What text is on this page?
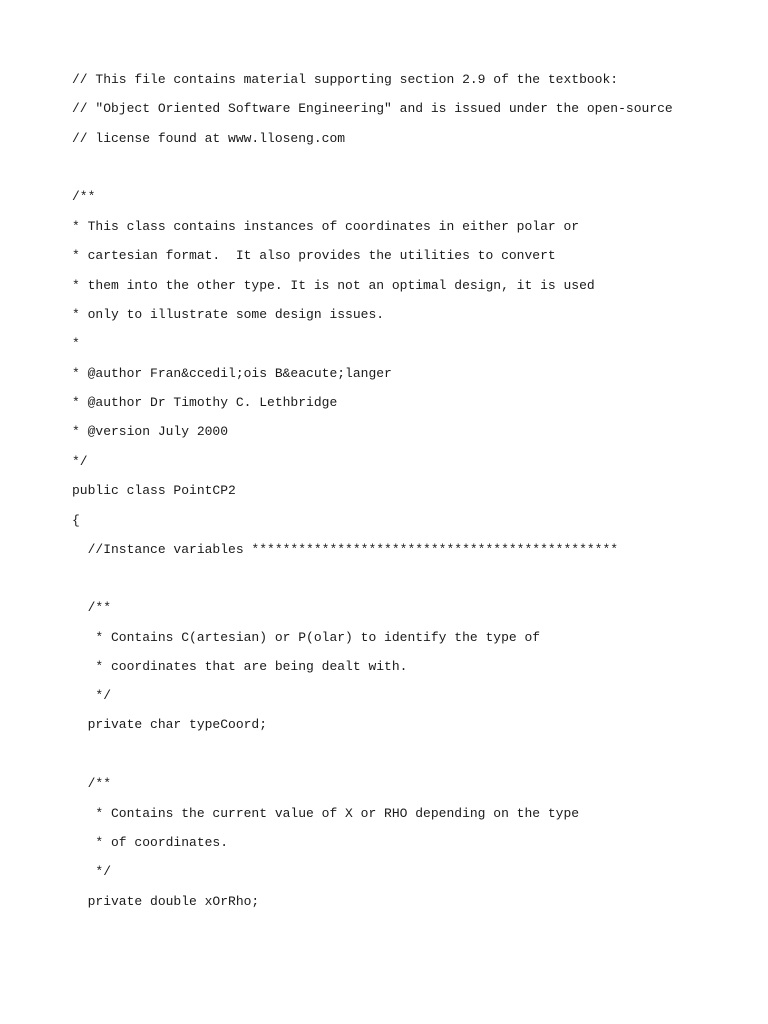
// This file contains material supporting section 2.9 of the textbook:
// "Object Oriented Software Engineering" and is issued under the open-source
// license found at www.lloseng.com
/**
* This class contains instances of coordinates in either polar or
* cartesian format.  It also provides the utilities to convert
* them into the other type. It is not an optimal design, it is used
* only to illustrate some design issues.
*
* @author Fran&ccedil;ois B&eacute;langer
* @author Dr Timothy C. Lethbridge
* @version July 2000
*/
public class PointCP2
{
//Instance variables ***********************************************
/**
* Contains C(artesian) or P(olar) to identify the type of
* coordinates that are being dealt with.
*/
private char typeCoord;
/**
* Contains the current value of X or RHO depending on the type
* of coordinates.
*/
private double xOrRho;
